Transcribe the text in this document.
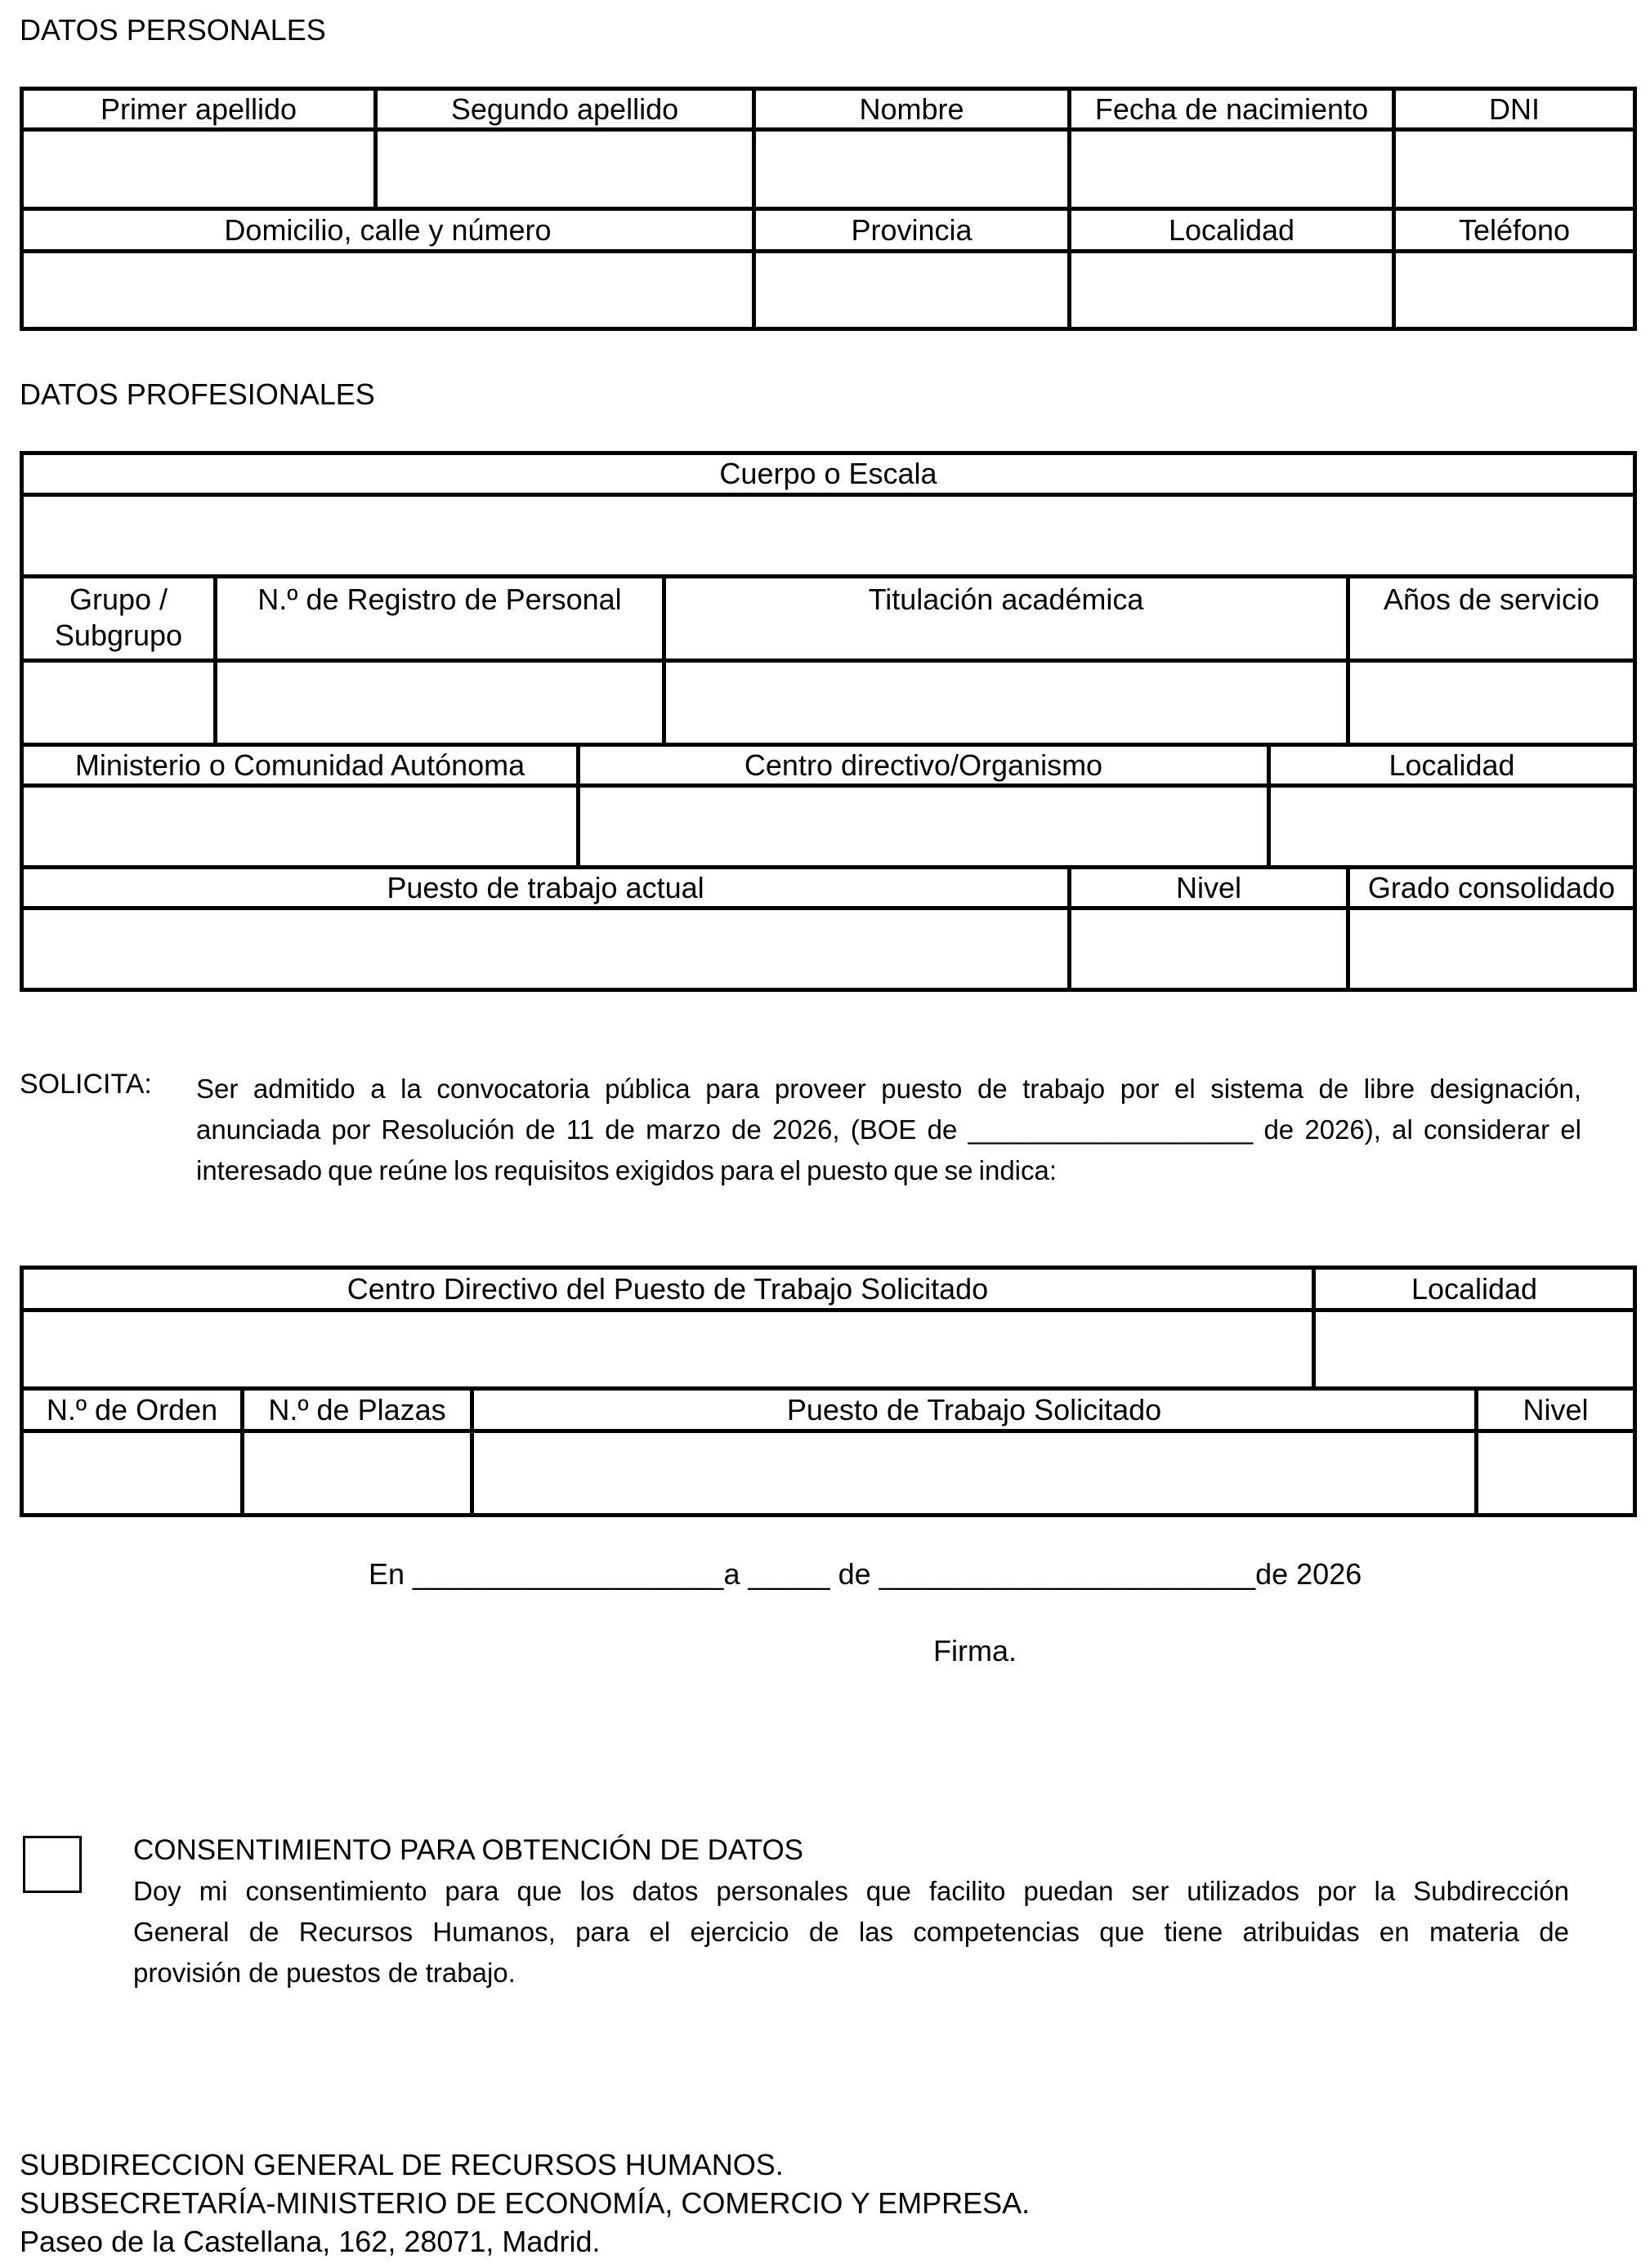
DATOS PERSONALES
Primer apellido	Segundo apellido	Nombre	Fecha de nacimiento	DNI

Domicilio, calle y número		Provincia	Localidad	Teléfono

DATOS PROFESIONALES
Cuerpo o Escala						

Grupo / Subgrupo	N.º de Registro de Personal		Titulación académica			Años de servicio

Ministerio o Comunidad Autónoma		Centro directivo/Organismo			Localidad	

Puesto de trabajo actual				Nivel		Grado consolidado

SOLICITA: Ser admitido a la convocatoria pública para proveer puesto de trabajo por el sistema de libre designación,
anunciada por Resolución de 11 de marzo de 2026, (BOE de ___________________ de 2026), al considerar el
interesado que reúne los requisitos exigidos para el puesto que se indica:
Centro Directivo del Puesto de Trabajo Solicitado			Localidad	

N.º de Orden	N.º de Plazas	Puesto de Trabajo Solicitado		Nivel

En ___________________a _____ de _______________________de 2026
Firma.
CONSENTIMIENTO PARA OBTENCIÓN DE DATOS
Doy mi consentimiento para que los datos personales que facilito puedan ser utilizados por la Subdirección
General de Recursos Humanos, para el ejercicio de las competencias que tiene atribuidas en materia de
provisión de puestos de trabajo.
SUBDIRECCION GENERAL DE RECURSOS HUMANOS.
SUBSECRETARÍA-MINISTERIO DE ECONOMÍA, COMERCIO Y EMPRESA.
Paseo de la Castellana, 162, 28071, Madrid.
